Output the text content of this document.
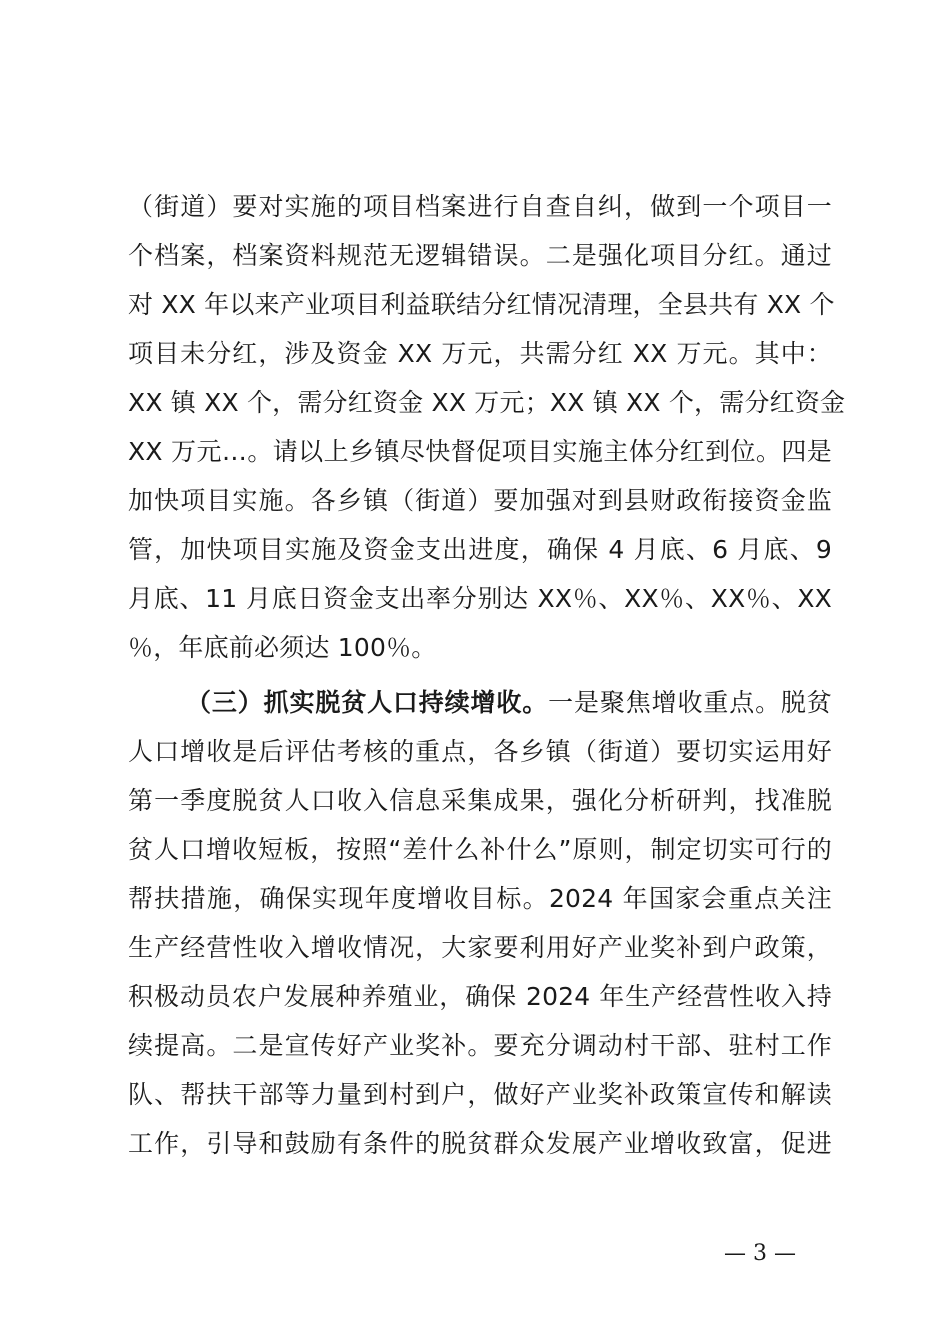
（街道）要对实施的项目档案进行自查自纠，做到一个项目一
个档案，档案资料规范无逻辑错误。二是强化项目分红。通过
对 XX 年以来产业项目利益联结分红情况清理，全县共有 XX 个
项目未分红，涉及资金 XX 万元，共需分红 XX 万元。其中：
XX 镇 XX 个，需分红资金 XX 万元；XX 镇 XX 个，需分红资金
XX 万元…。请以上乡镇尽快督促项目实施主体分红到位。四是
加快项目实施。各乡镇（街道）要加强对到县财政衔接资金监
管，加快项目实施及资金支出进度，确保 4 月底、6 月底、9
月底、11 月底日资金支出率分别达 XX％、XX％、XX％、XX
％，年底前必须达 100％。
（三）抓实脱贫人口持续增收。一是聚焦增收重点。脱贫
人口增收是后评估考核的重点，各乡镇（街道）要切实运用好
第一季度脱贫人口收入信息采集成果，强化分析研判，找准脱
贫人口增收短板，按照“差什么补什么”原则，制定切实可行的
帮扶措施，确保实现年度增收目标。2024 年国家会重点关注
生产经营性收入增收情况，大家要利用好产业奖补到户政策，
积极动员农户发展种养殖业，确保 2024 年生产经营性收入持
续提高。二是宣传好产业奖补。要充分调动村干部、驻村工作
队、帮扶干部等力量到村到户，做好产业奖补政策宣传和解读
工作，引导和鼓励有条件的脱贫群众发展产业增收致富，促进
— 3 —
